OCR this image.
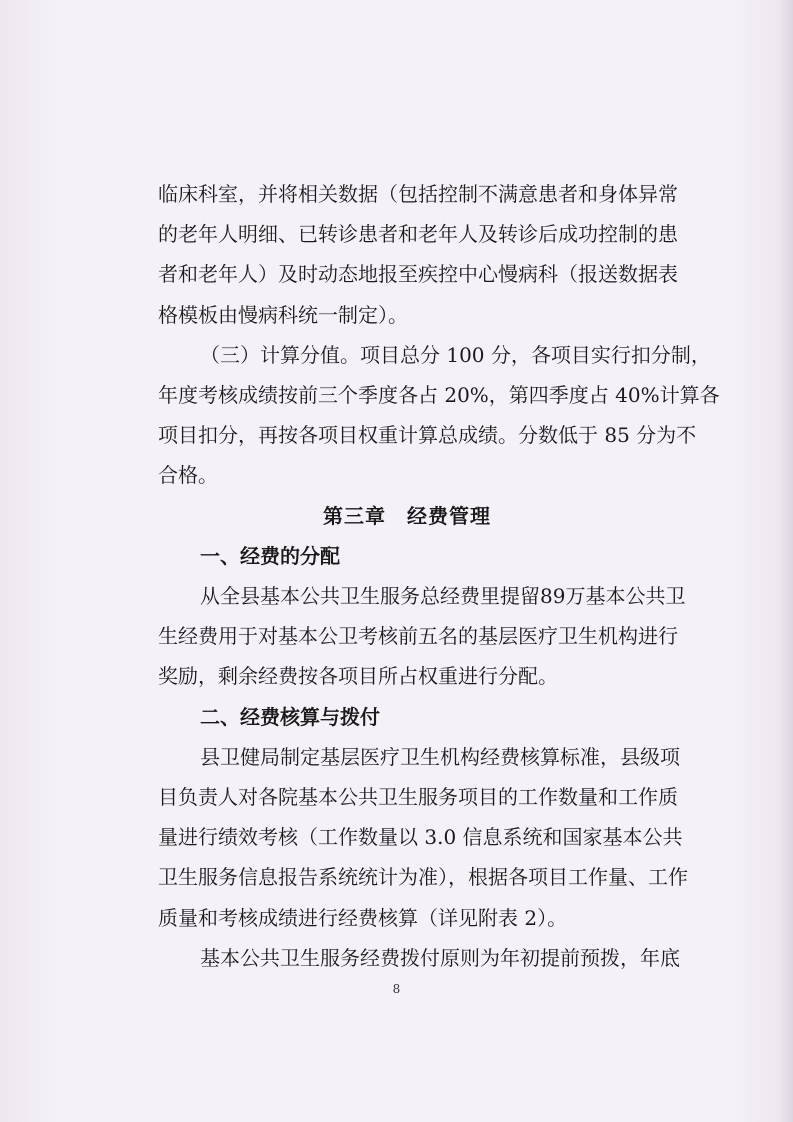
临床科室，并将相关数据（包括控制不满意患者和身体异常
的老年人明细、已转诊患者和老年人及转诊后成功控制的患
者和老年人）及时动态地报至疾控中心慢病科（报送数据表
格模板由慢病科统一制定）。
（三）计算分值。项目总分 100 分，各项目实行扣分制，
年度考核成绩按前三个季度各占 20%，第四季度占 40%计算各
项目扣分，再按各项目权重计算总成绩。分数低于 85 分为不
合格。
第三章　经费管理
一、经费的分配
从全县基本公共卫生服务总经费里提留89万基本公共卫
生经费用于对基本公卫考核前五名的基层医疗卫生机构进行
奖励，剩余经费按各项目所占权重进行分配。
二、经费核算与拨付
县卫健局制定基层医疗卫生机构经费核算标准，县级项
目负责人对各院基本公共卫生服务项目的工作数量和工作质
量进行绩效考核（工作数量以 3.0 信息系统和国家基本公共
卫生服务信息报告系统统计为准），根据各项目工作量、工作
质量和考核成绩进行经费核算（详见附表 2）。
基本公共卫生服务经费拨付原则为年初提前预拨，年底
8
